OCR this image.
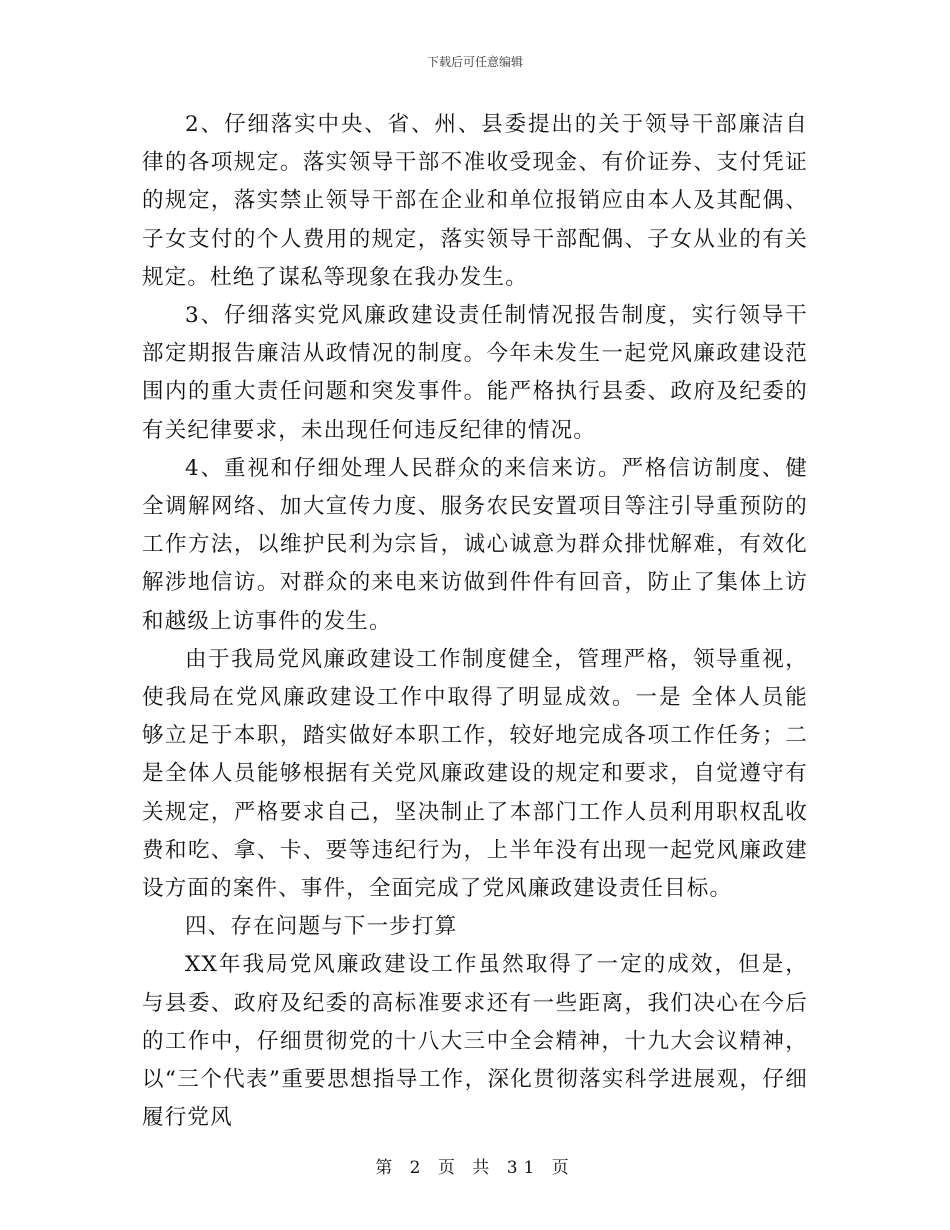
下载后可任意编辑

2、仔细落实中央、省、州、县委提出的关于领导干部廉洁自律的各项规定。落实领导干部不准收受现金、有价证券、支付凭证的规定，落实禁止领导干部在企业和单位报销应由本人及其配偶、子女支付的个人费用的规定，落实领导干部配偶、子女从业的有关规定。杜绝了谋私等现象在我办发生。

3、仔细落实党风廉政建设责任制情况报告制度，实行领导干部定期报告廉洁从政情况的制度。今年未发生一起党风廉政建设范围内的重大责任问题和突发事件。能严格执行县委、政府及纪委的有关纪律要求，未出现任何违反纪律的情况。

4、重视和仔细处理人民群众的来信来访。严格信访制度、健全调解网络、加大宣传力度、服务农民安置项目等注引导重预防的工作方法，以维护民利为宗旨，诚心诚意为群众排忧解难，有效化解涉地信访。对群众的来电来访做到件件有回音，防止了集体上访和越级上访事件的发生。

由于我局党风廉政建设工作制度健全，管理严格，领导重视，使我局在党风廉政建设工作中取得了明显成效。一是 全体人员能够立足于本职，踏实做好本职工作，较好地完成各项工作任务；二是全体人员能够根据有关党风廉政建设的规定和要求，自觉遵守有关规定，严格要求自己，坚决制止了本部门工作人员利用职权乱收费和吃、拿、卡、要等违纪行为，上半年没有出现一起党风廉政建设方面的案件、事件，全面完成了党风廉政建设责任目标。

四、存在问题与下一步打算

XX年我局党风廉政建设工作虽然取得了一定的成效，但是，与县委、政府及纪委的高标准要求还有一些距离，我们决心在今后的工作中，仔细贯彻党的十八大三中全会精神，十九大会议精神，以“三个代表”重要思想指导工作，深化贯彻落实科学进展观，仔细履行党风

第 2 页 共 31 页
